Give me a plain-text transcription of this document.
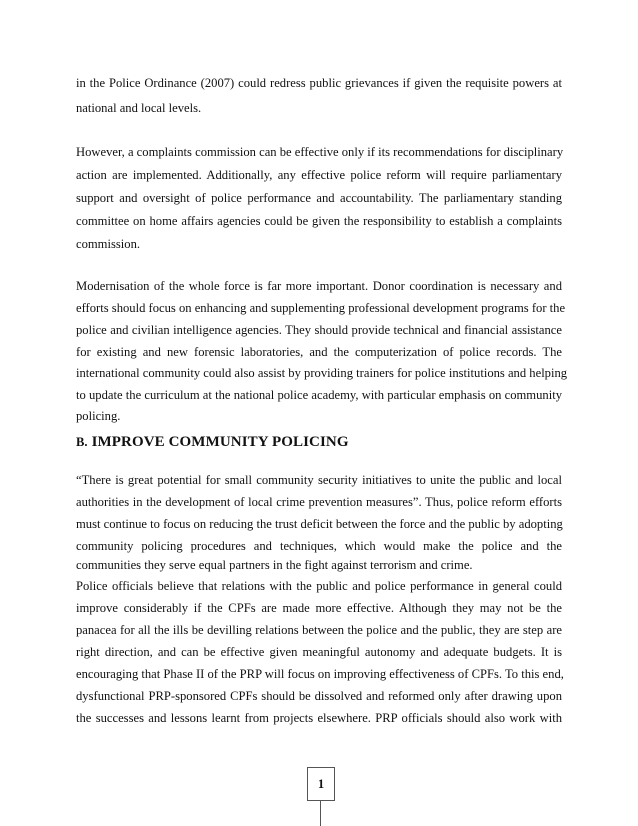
in the Police Ordinance (2007) could redress public grievances if given the requisite powers at
national and local levels.
However, a complaints commission can be effective only if its recommendations for disciplinary
action are implemented. Additionally, any effective police reform will require parliamentary
support and oversight of police performance and accountability. The parliamentary standing
committee on home affairs agencies could be given the responsibility to establish a complaints
commission.
Modernisation of the whole force is far more important. Donor coordination is necessary and
efforts should focus on enhancing and supplementing professional development programs for the
police and civilian intelligence agencies. They should provide technical and financial assistance
for existing and new forensic laboratories, and the computerization of police records. The
international community could also assist by providing trainers for police institutions and helping
to update the curriculum at the national police academy, with particular emphasis on community
policing.
B. IMPROVE COMMUNITY POLICING
“There is great potential for small community security initiatives to unite the public and local
authorities in the development of local crime prevention measures”. Thus, police reform efforts
must continue to focus on reducing the trust deficit between the force and the public by adopting
community policing procedures and techniques, which would make the police and the
communities they serve equal partners in the fight against terrorism and crime.
Police officials believe that relations with the public and police performance in general could
improve considerably if the CPFs are made more effective. Although they may not be the
panacea for all the ills be devilling relations between the police and the public, they are step are
right direction, and can be effective given meaningful autonomy and adequate budgets. It is
encouraging that Phase II of the PRP will focus on improving effectiveness of CPFs. To this end,
dysfunctional PRP-sponsored CPFs should be dissolved and reformed only after drawing upon
the successes and lessons learnt from projects elsewhere. PRP officials should also work with
1
